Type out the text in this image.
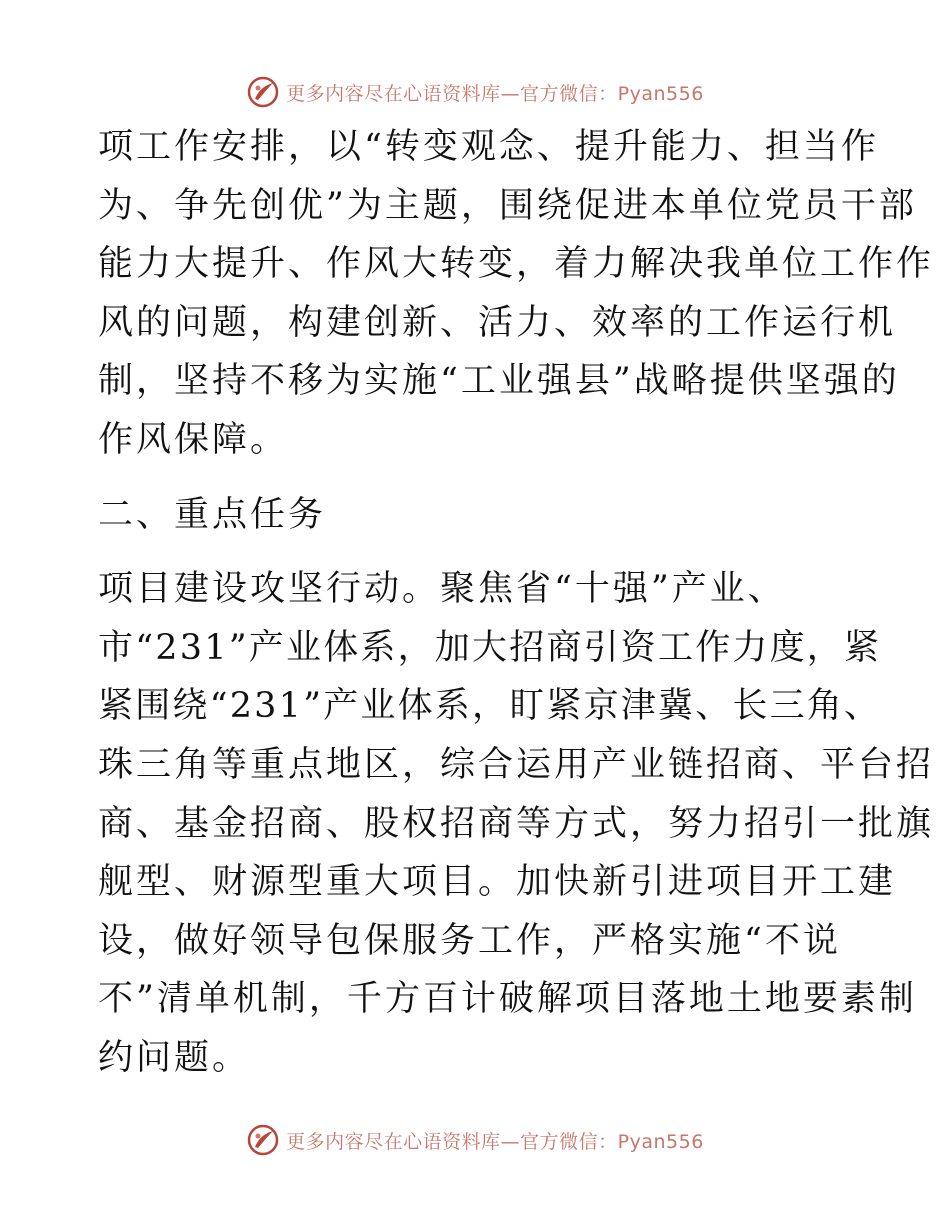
更多内容尽在心语资料库—官方微信：Pyan556
项工作安排，以“转变观念、提升能力、担当作
为、争先创优”为主题，围绕促进本单位党员干部
能力大提升、作风大转变，着力解决我单位工作作
风的问题，构建创新、活力、效率的工作运行机
制，坚持不移为实施“工业强县”战略提供坚强的
作风保障。
二、重点任务
项目建设攻坚行动。聚焦省“十强”产业、
市“231”产业体系，加大招商引资工作力度，紧
紧围绕“231”产业体系，盯紧京津冀、长三角、
珠三角等重点地区，综合运用产业链招商、平台招
商、基金招商、股权招商等方式，努力招引一批旗
舰型、财源型重大项目。加快新引进项目开工建
设，做好领导包保服务工作，严格实施“不说
不”清单机制，千方百计破解项目落地土地要素制
约问题。
更多内容尽在心语资料库—官方微信：Pyan556
